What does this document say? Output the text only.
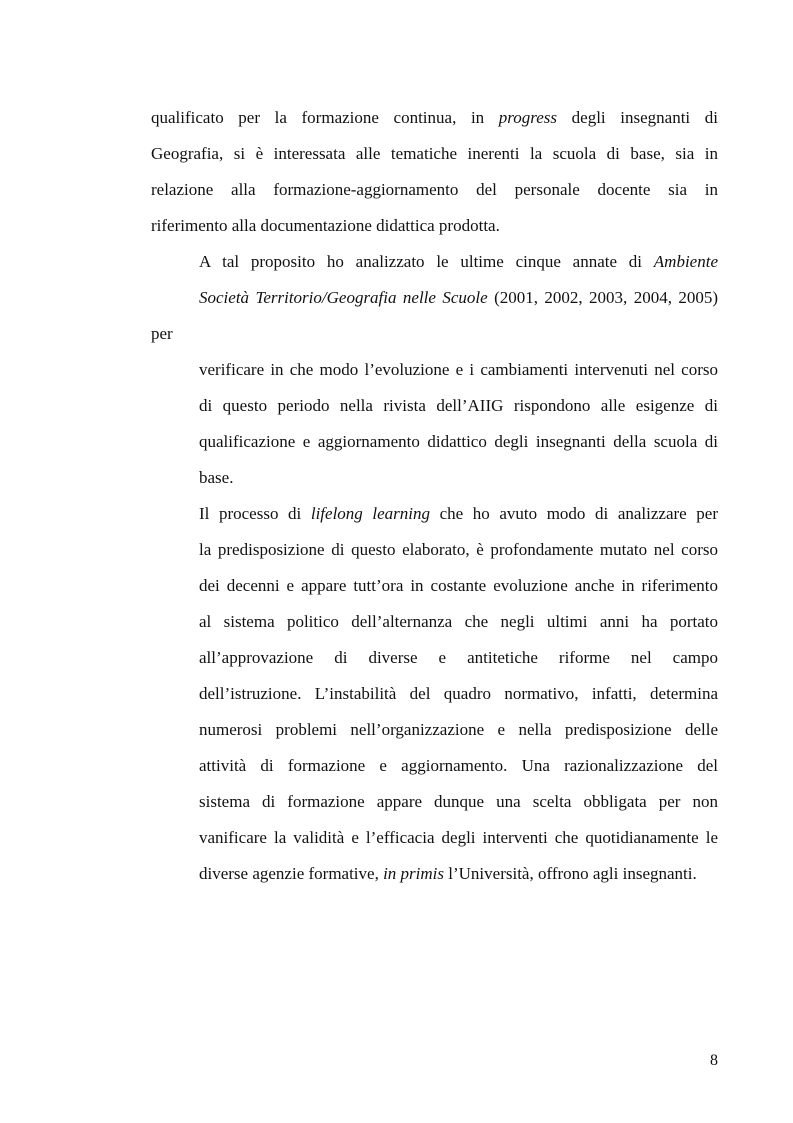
qualificato per la formazione continua, in progress degli insegnanti di
Geografia, si è interessata alle tematiche inerenti la scuola di base, sia in
relazione alla formazione-aggiornamento del personale docente sia in
riferimento alla documentazione didattica prodotta.

A tal proposito ho analizzato le ultime cinque annate di Ambiente
Società Territorio/Geografia nelle Scuole (2001, 2002, 2003, 2004, 2005) per
verificare in che modo l’evoluzione e i cambiamenti intervenuti nel corso
di questo periodo nella rivista dell’AIIG rispondono alle esigenze di
qualificazione e aggiornamento didattico degli insegnanti della scuola di
base.

Il processo di lifelong learning che ho avuto modo di analizzare per
la predisposizione di questo elaborato, è profondamente mutato nel corso
dei decenni e appare tutt’ora in costante evoluzione anche in riferimento
al sistema politico dell’alternanza che negli ultimi anni ha portato
all’approvazione di diverse e antitetiche riforme nel campo
dell’istruzione. L’instabilità del quadro normativo, infatti, determina
numerosi problemi nell’organizzazione e nella predisposizione delle
attività di formazione e aggiornamento. Una razionalizzazione del
sistema di formazione appare dunque una scelta obbligata per non
vanificare la validità e l’efficacia degli interventi che quotidianamente le
diverse agenzie formative, in primis l’Università, offrono agli insegnanti.

8
